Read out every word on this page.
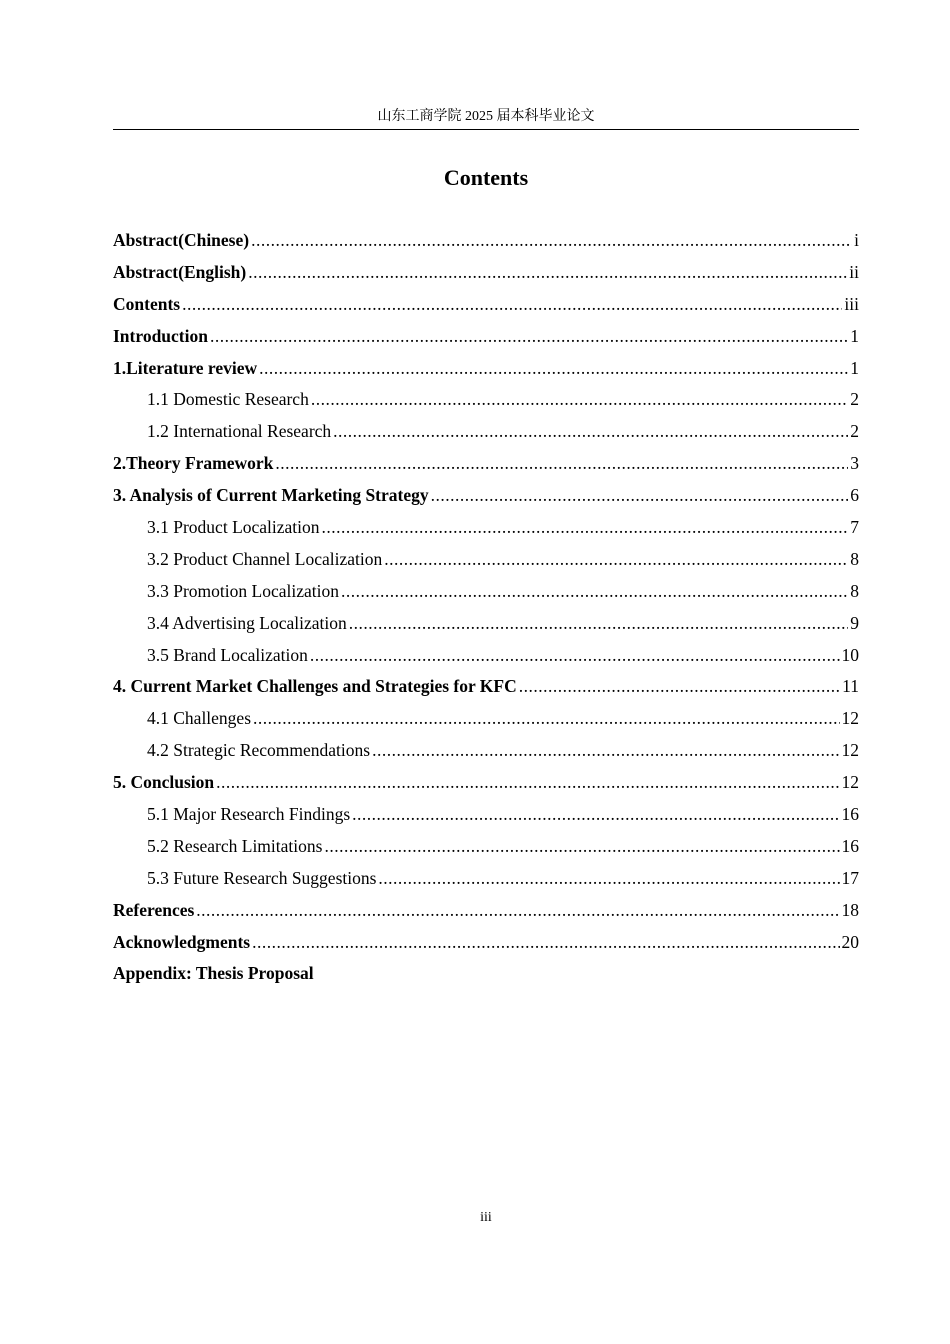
山东工商学院 2025 届本科毕业论文
Contents
Abstract(Chinese) .....	i
Abstract(English) .....	ii
Contents .....	iii
Introduction .....	1
1.Literature review .....	1
1.1 Domestic Research .....	2
1.2 International Research .....	2
2.Theory Framework .....	3
3. Analysis of Current Marketing Strategy .....	6
3.1 Product Localization .....	7
3.2 Product Channel Localization .....	8
3.3 Promotion Localization .....	8
3.4 Advertising Localization .....	9
3.5 Brand Localization .....	10
4. Current Market Challenges and Strategies for KFC .....	11
4.1 Challenges .....	12
4.2 Strategic Recommendations .....	12
5. Conclusion .....	12
5.1 Major Research Findings .....	16
5.2 Research Limitations .....	16
5.3 Future Research Suggestions .....	17
References .....	18
Acknowledgments .....	20
Appendix: Thesis Proposal
iii
